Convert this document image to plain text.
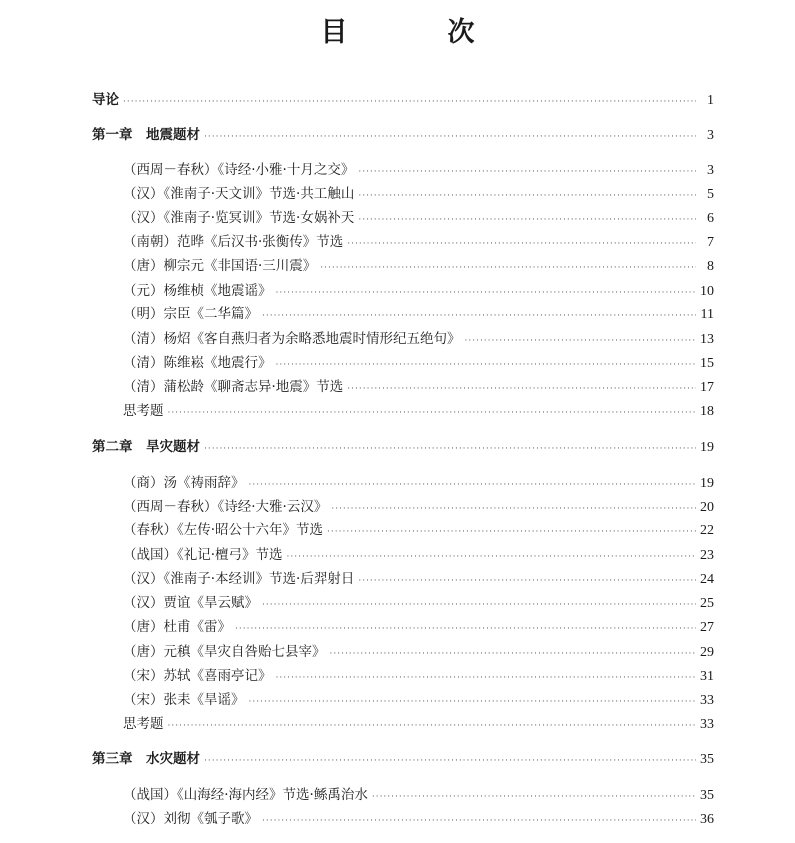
目	次
导论 ·····	1
第一章　地震题材 ·····	3
（西周－春秋）《诗经·小雅·十月之交》 ·····	3
（汉）《淮南子·天文训》节选·共工触山 ·····	5
（汉）《淮南子·览冥训》节选·女娲补天 ·····	6
（南朝）范晔《后汉书·张衡传》节选 ·····	7
（唐）柳宗元《非国语·三川震》 ·····	8
（元）杨维桢《地震谣》 ·····	10
（明）宗臣《二华篇》 ·····	11
（清）杨炤《客自燕归者为余略悉地震时情形纪五绝句》 ·····	13
（清）陈维崧《地震行》 ·····	15
（清）蒲松龄《聊斋志异·地震》节选 ·····	17
思考题 ·····	18
第二章　旱灾题材 ·····	19
（商）汤《祷雨辞》 ·····	19
（西周－春秋）《诗经·大雅·云汉》 ·····	20
（春秋）《左传·昭公十六年》节选 ·····	22
（战国）《礼记·檀弓》节选 ·····	23
（汉）《淮南子·本经训》节选·后羿射日 ·····	24
（汉）贾谊《旱云赋》 ·····	25
（唐）杜甫《雷》 ·····	27
（唐）元稹《旱灾自咎贻七县宰》 ·····	29
（宋）苏轼《喜雨亭记》 ·····	31
（宋）张耒《旱谣》 ·····	33
思考题 ·····	33
第三章　水灾题材 ·····	35
（战国）《山海经·海内经》节选·鲧禹治水 ·····	35
（汉）刘彻《瓠子歌》 ·····	36
